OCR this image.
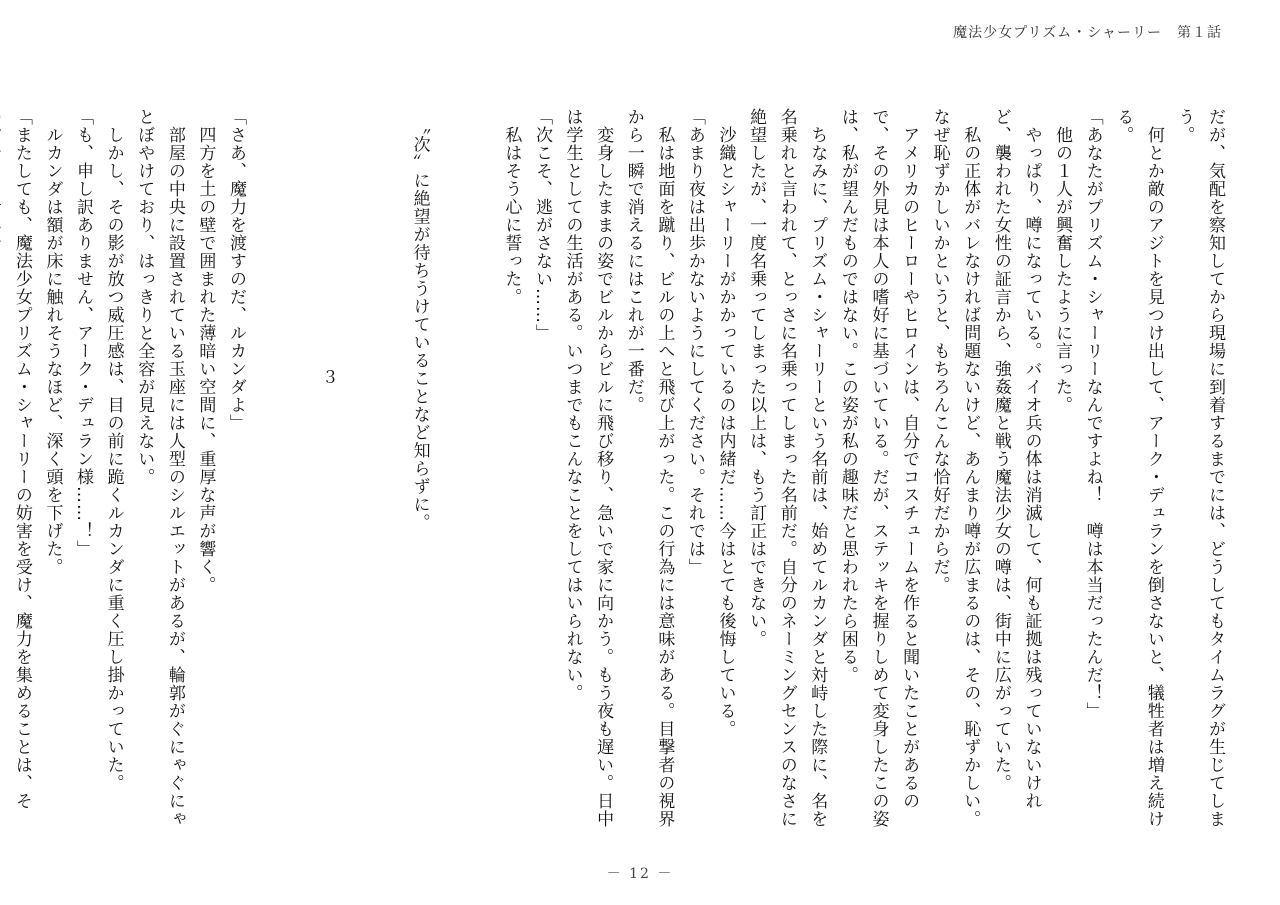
魔法少女プリズム・シャーリー　第１話

だが、気配を察知してから現場に到着するまでには、どうしてもタイムラグが生じてしまう。

　何とか敵のアジトを見つけ出して、アーク・デュランを倒さないと、犠牲者は増え続ける。

「あなたがプリズム・シャーリーなんですよね！　噂は本当だったんだ！」

　他の１人が興奮したように言った。

　やっぱり、噂になっている。バイオ兵の体は消滅して、何も証拠は残っていないけれど、襲われた女性の証言から、強姦魔と戦う魔法少女の噂は、街中に広がっていた。

　私の正体がバレなければ問題ないけど、あんまり噂が広まるのは、その、恥ずかしい。なぜ恥ずかしいかというと、もちろんこんな恰好だからだ。

　アメリカのヒーローやヒロインは、自分でコスチュームを作ると聞いたことがあるので、その外見は本人の嗜好に基づいている。だが、ステッキを握りしめて変身したこの姿は、私が望んだものではない。この姿が私の趣味だと思われたら困る。

　ちなみに、プリズム・シャーリーという名前は、始めてルカンダと対峙した際に、名を名乗れと言われて、とっさに名乗ってしまった名前だ。自分のネーミングセンスのなさに絶望したが、一度名乗ってしまった以上は、もう訂正はできない。

　沙織とシャーリーがかかっているのは内緒だ……今はとても後悔している。

「あまり夜は出歩かないようにしてください。それでは」

　私は地面を蹴り、ビルの上へと飛び上がった。この行為には意味がある。目撃者の視界から一瞬で消えるにはこれが一番だ。

　変身したままの姿でビルからビルに飛び移り、急いで家に向かう。もう夜も遅い。日中は学生としての生活がある。いつまでもこんなことをしてはいられない。

「次こそ、逃がさない……」

　私はそう心に誓った。

　〝次〟に絶望が待ちうけていることなど知らずに。

３

「さあ、魔力を渡すのだ、ルカンダよ」

　四方を土の壁で囲まれた薄暗い空間に、重厚な声が響く。

　部屋の中央に設置されている玉座には人型のシルエットがあるが、輪郭がぐにゃぐにゃとぼやけており、はっきりと全容が見えない。

　しかし、その影が放つ威圧感は、目の前に跪くルカンダに重く圧し掛かっていた。

「も、申し訳ありません、アーク・デュラン様……！」

　ルカンダは額が床に触れそうなほど、深く頭を下げた。

「またしても、魔法少女プリズム・シャーリーの妨害を受け、魔力を集めることは、そ

－ 12 －
